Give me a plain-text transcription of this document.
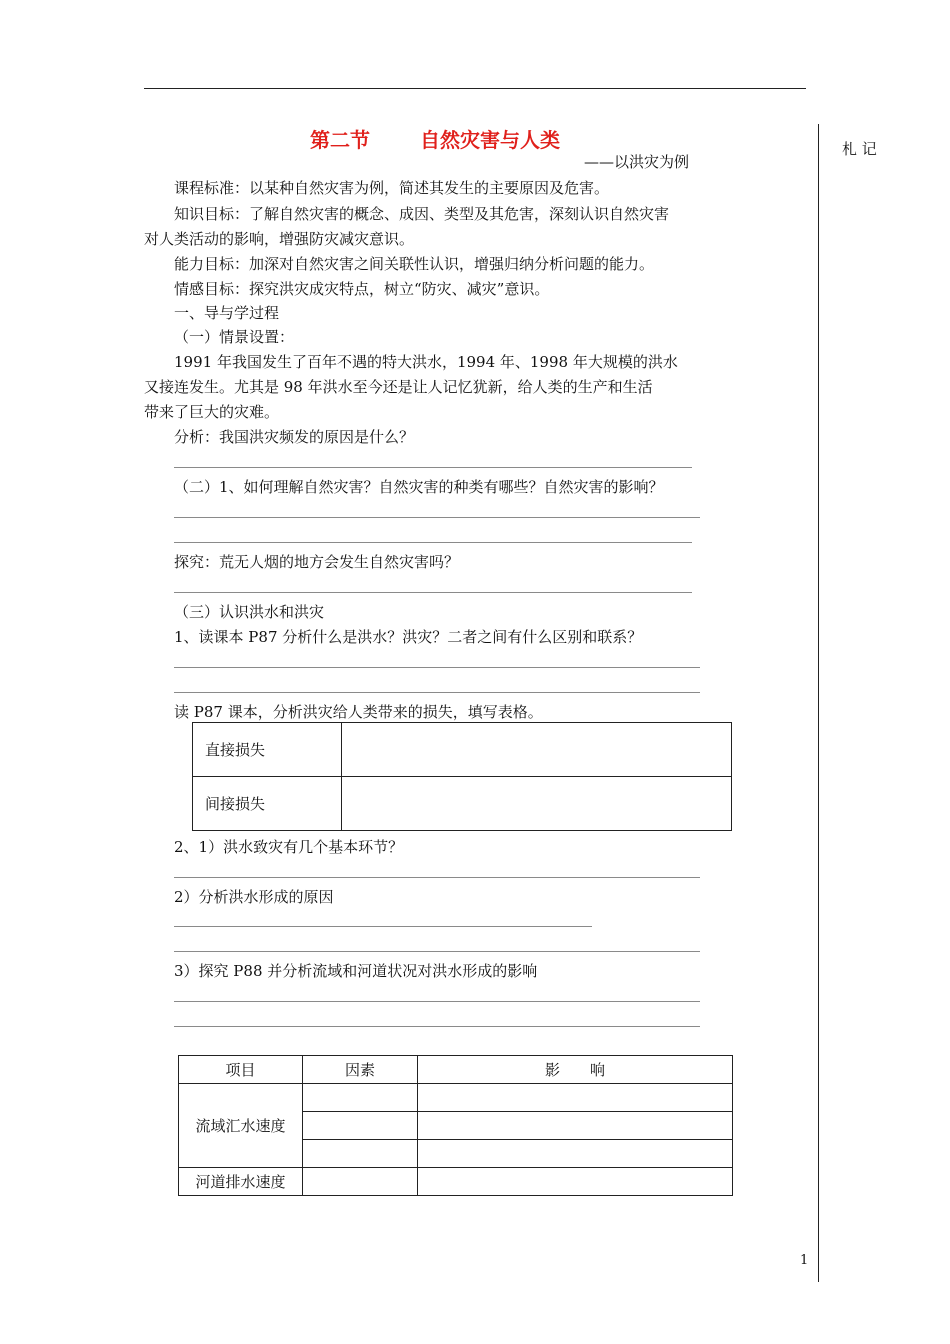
札 记
第二节	自然灾害与人类
——以洪灾为例
课程标准：以某种自然灾害为例，简述其发生的主要原因及危害。
知识目标：了解自然灾害的概念、成因、类型及其危害，深刻认识自然灾害
对人类活动的影响，增强防灾减灾意识。
能力目标：加深对自然灾害之间关联性认识，增强归纳分析问题的能力。
情感目标：探究洪灾成灾特点，树立“防灾、减灾”意识。
一、导与学过程
（一）情景设置：
1991 年我国发生了百年不遇的特大洪水，1994 年、1998 年大规模的洪水
又接连发生。尤其是 98 年洪水至今还是让人记忆犹新，给人类的生产和生活
带来了巨大的灾难。
分析：我国洪灾频发的原因是什么？
（二）1、如何理解自然灾害？自然灾害的种类有哪些？自然灾害的影响？
探究：荒无人烟的地方会发生自然灾害吗？
（三）认识洪水和洪灾
1、读课本 P87 分析什么是洪水？洪灾？二者之间有什么区别和联系？
读 P87 课本，分析洪灾给人类带来的损失，填写表格。
直接损失	
间接损失	
2、1）洪水致灾有几个基本环节？
2）分析洪水形成的原因
3）探究 P88 并分析流域和河道状况对洪水形成的影响
项目	因素	影　　响
流域汇水速度		

河道排水速度		
1
